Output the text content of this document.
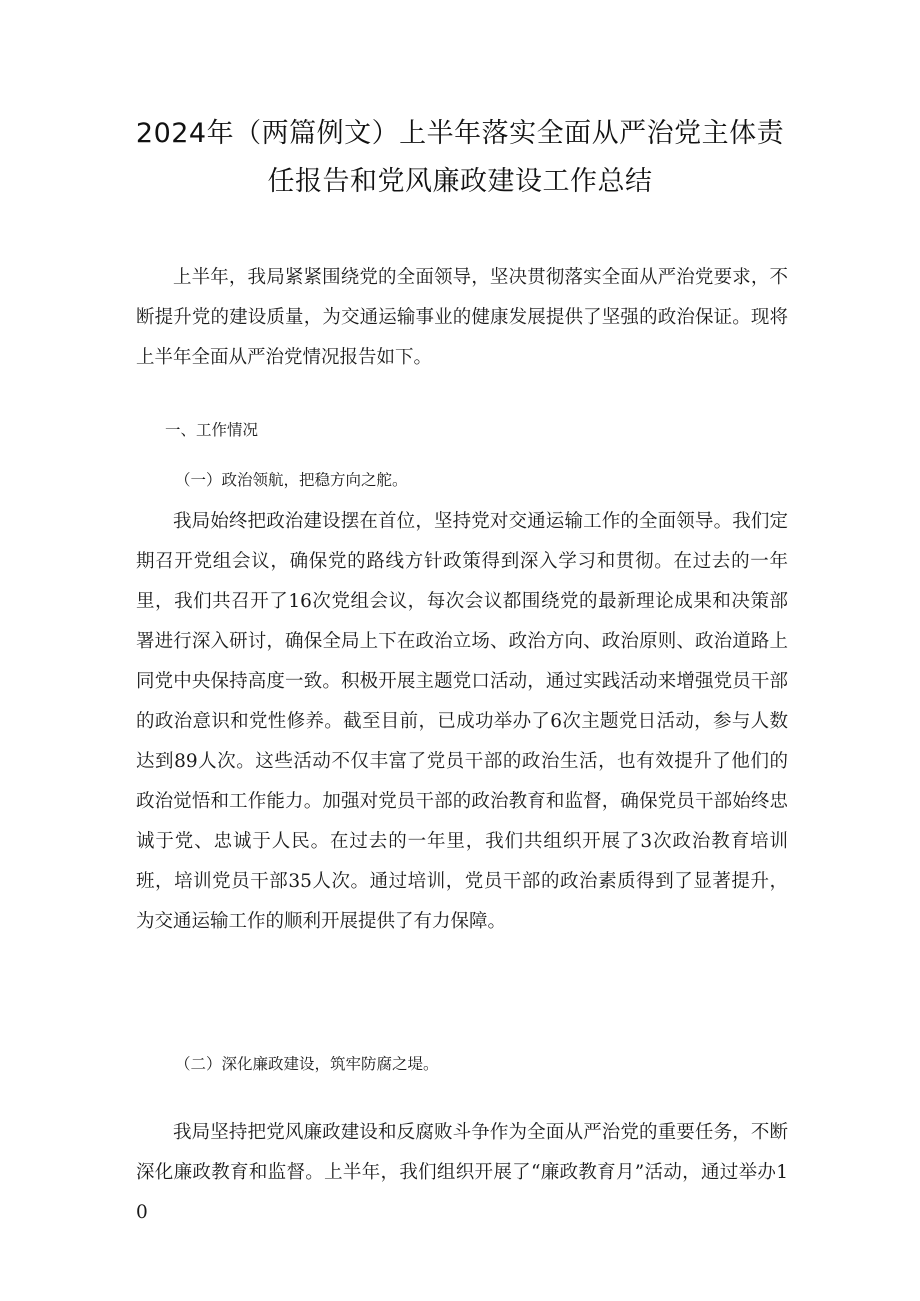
2024年（两篇例文）上半年落实全面从严治党主体责
任报告和党风廉政建设工作总结
上半年，我局紧紧围绕党的全面领导，坚决贯彻落实全面从严治党要求，不断提升党的建设质量，为交通运输事业的健康发展提供了坚强的政治保证。现将上半年全面从严治党情况报告如下。
一、工作情况
（一）政治领航，把稳方向之舵。
我局始终把政治建设摆在首位，坚持党对交通运输工作的全面领导。我们定期召开党组会议，确保党的路线方针政策得到深入学习和贯彻。在过去的一年里，我们共召开了16次党组会议，每次会议都围绕党的最新理论成果和决策部署进行深入研讨，确保全局上下在政治立场、政治方向、政治原则、政治道路上同党中央保持高度一致。积极开展主题党口活动，通过实践活动来增强党员干部的政治意识和党性修养。截至目前，已成功举办了6次主题党日活动，参与人数达到89人次。这些活动不仅丰富了党员干部的政治生活，也有效提升了他们的政治觉悟和工作能力。加强对党员干部的政治教育和监督，确保党员干部始终忠诚于党、忠诚于人民。在过去的一年里，我们共组织开展了3次政治教育培训班，培训党员干部35人次。通过培训，党员干部的政治素质得到了显著提升，为交通运输工作的顺利开展提供了有力保障。
（二）深化廉政建设，筑牢防腐之堤。
我局坚持把党风廉政建设和反腐败斗争作为全面从严治党的重要任务，不断深化廉政教育和监督。上半年，我们组织开展了“廉政教育月”活动，通过举办10
